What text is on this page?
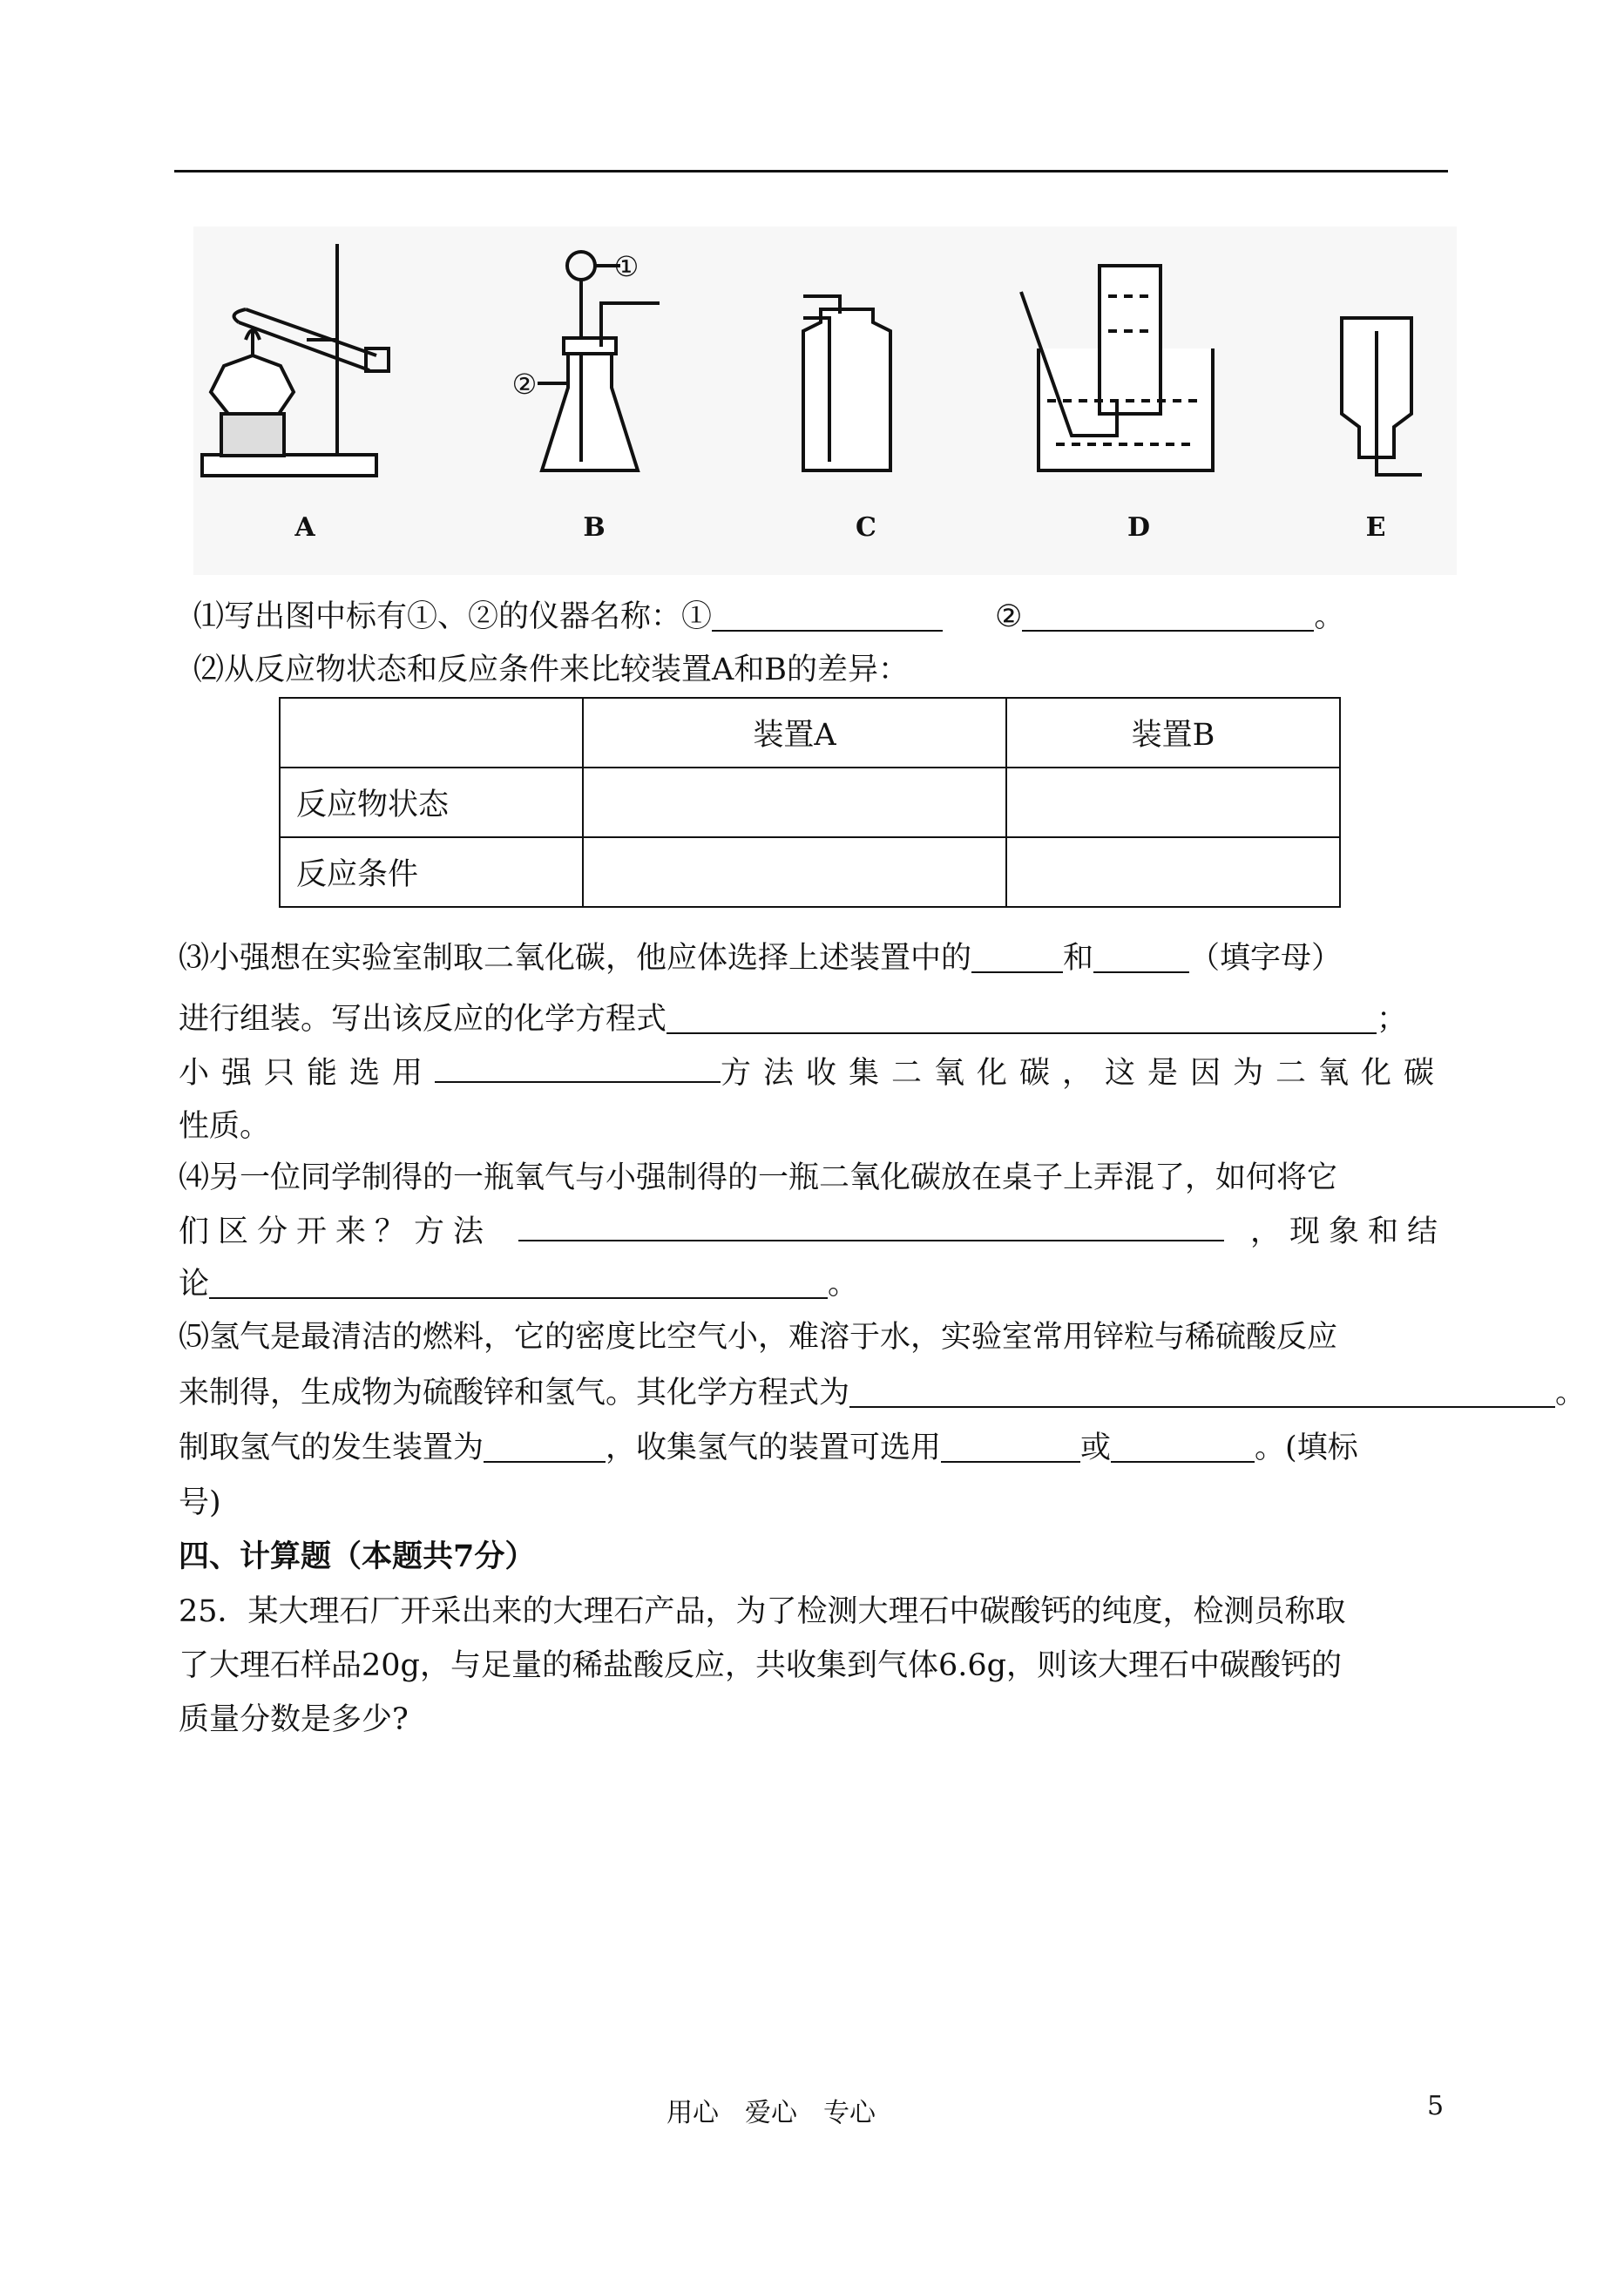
A	B	C	D	E
①
②
⑴写出图中标有①、②的仪器名称：①	②	。
⑵从反应物状态和反应条件来比较装置A和B的差异：
	装置A	装置B
反应物状态		
反应条件		
⑶小强想在实验室制取二氧化碳，他应体选择上述装置中的	和	（填字母）
进行组装。写出该反应的化学方程式	；
小强只能选用	方法收集二氧化碳，这是因为二氧化碳
性质。
⑷另一位同学制得的一瓶氧气与小强制得的一瓶二氧化碳放在桌子上弄混了，如何将它
们区分开来？方法	，现象和结
论	。
⑸氢气是最清洁的燃料，它的密度比空气小，难溶于水，实验室常用锌粒与稀硫酸反应
来制得，生成物为硫酸锌和氢气。其化学方程式为	。
制取氢气的发生装置为	，收集氢气的装置可选用	或	。(填标
号)
四、计算题（本题共7分）
25．某大理石厂开采出来的大理石产品，为了检测大理石中碳酸钙的纯度，检测员称取
了大理石样品20g，与足量的稀盐酸反应，共收集到气体6.6g，则该大理石中碳酸钙的
质量分数是多少?
用心　爱心　专心	5
